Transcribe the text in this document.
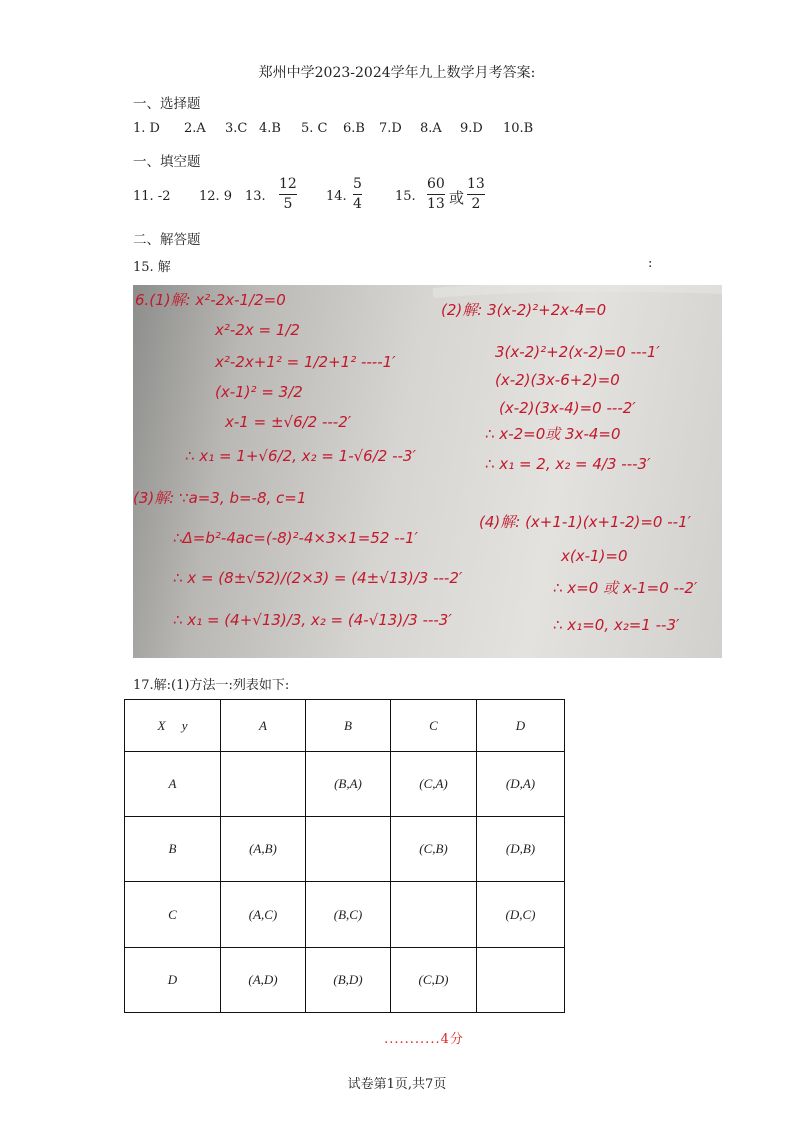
郑州中学2023-2024学年九上数学月考答案:
一、选择题
1. D 2.A 3.C 4.B 5. C 6.B 7.D 8.A 9.D 10.B
一、填空题
11. -2 12. 9 13.
12
5	14.
5
4	15.
60
13 或
13
2
二、解答题
15. 解	:
6.(1)解: x²-2x-1/2=0
x²-2x = 1/2
x²-2x+1² = 1/2+1² ----1′
(x-1)² = 3/2
x-1 = ±√6/2 ---2′
∴ x₁ = 1+√6/2, x₂ = 1-√6/2 --3′
(2)解: 3(x-2)²+2x-4=0
3(x-2)²+2(x-2)=0 ---1′
(x-2)(3x-6+2)=0
(x-2)(3x-4)=0 ---2′
∴ x-2=0或 3x-4=0
∴ x₁ = 2, x₂ = 4/3 ---3′
(3)解: ∵a=3, b=-8, c=1
∴Δ=b²-4ac=(-8)²-4×3×1=52 --1′
∴ x = (8±√52)/(2×3) = (4±√13)/3 ---2′
∴ x₁ = (4+√13)/3, x₂ = (4-√13)/3 ---3′
(4)解: (x+1-1)(x+1-2)=0 --1′
x(x-1)=0
∴ x=0 或 x-1=0 --2′
∴ x₁=0, x₂=1 --3′
17.解:(1)方法一:列表如下:
X y	A	B	C	D
A		(B,A)	(C,A)	(D,A)
B	(A,B)		(C,B)	(D,B)
C	(A,C)	(B,C)		(D,C)
D	(A,D)	(B,D)	(C,D)	
...........4分
试卷第1页,共7页
